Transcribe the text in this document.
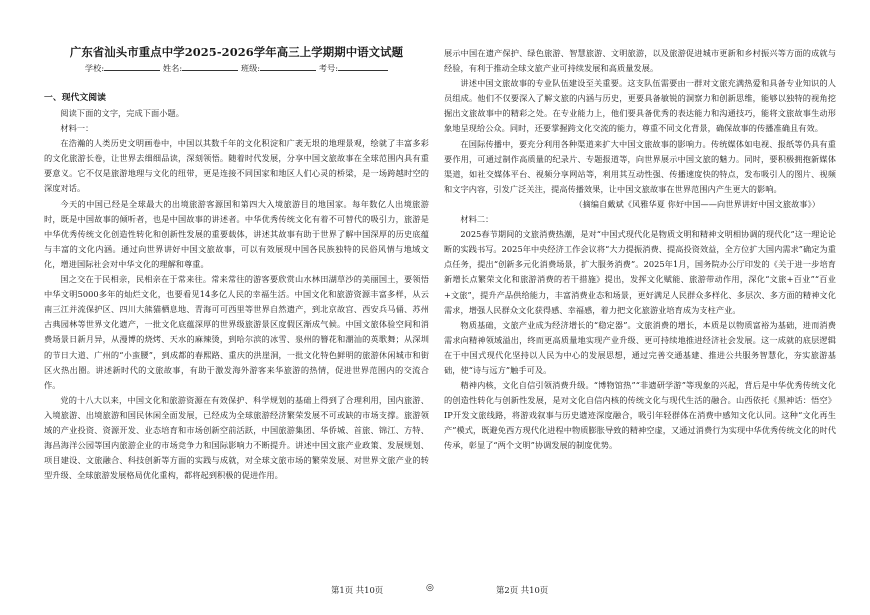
广东省汕头市重点中学2025-2026学年高三上学期期中语文试题
学校:	姓名:	班级:	考号:
一、现代文阅读

阅读下面的文字，完成下面小题。

材料一：

在浩瀚的人类历史文明画卷中，中国以其数千年的文化积淀和广袤无垠的地理景观，绘就了丰富多彩的文化旅游长卷，让世界去细细品读，深刻领悟。随着时代发展，分享中国文旅故事在全球范围内具有重要意义。它不仅是旅游地理与文化的纽带，更是连接不同国家和地区人们心灵的桥梁，是一场跨越时空的深度对话。

今天的中国已经是全球最大的出境旅游客源国和第四大入境旅游目的地国家。每年数亿人出境旅游时，既是中国故事的倾听者，也是中国故事的讲述者。中华优秀传统文化有着不可替代的吸引力，旅游是中华优秀传统文化创造性转化和创新性发展的重要载体，讲述其故事有助于世界了解中国深厚的历史底蕴与丰富的文化内涵。通过向世界讲好中国文旅故事，可以有效展现中国各民族独特的民俗风情与地域文化，增进国际社会对中华文化的理解和尊重。

国之交在于民相亲，民相亲在于常来往。常来常往的游客要欣赏山水林田湖草沙的美丽国土，要领悟中华文明5000多年的灿烂文化，也要看见14多亿人民的幸福生活。中国文化和旅游资源丰富多样，从云南三江并流保护区、四川大熊猫栖息地、青海可可西里等世界自然遗产，到北京故宫、西安兵马俑、苏州古典园林等世界文化遗产，一批文化底蕴深厚的世界级旅游景区度假区渐成气候。中国文旅体验空间和消费场景日新月异，从漫博的烧烤、天水的麻辣烫，到哈尔滨的冰雪、泉州的簪花和潮汕的英歌舞；从深圳的节日大道、广州的“小蛮腰”，到成都的春熙路、重庆的洪崖洞，一批文化特色鲜明的旅游休闲城市和街区火热出圈。讲述新时代的文旅故事，有助于激发海外游客来华旅游的热情，促进世界范围内的交流合作。

党的十八大以来，中国文化和旅游资源在有效保护、科学规划的基础上得到了合理利用，国内旅游、入境旅游、出境旅游和国民休闲全面发展，已经成为全球旅游经济繁荣发展不可或缺的市场支撑。旅游领域的产业投资、资源开发、业态培育和市场创新空前活跃，中国旅游集团、华侨城、首旅、锦江、方特、海昌海洋公园等国内旅游企业的市场竞争力和国际影响力不断提升。讲述中国文旅产业政策、发展规划、项目建设、文旅融合、科技创新等方面的实践与成就，对全球文旅市场的繁荣发展、对世界文旅产业的转型升级、全球旅游发展格局优化重构，都将起到积极的促进作用。

展示中国在遗产保护、绿色旅游、智慧旅游、文明旅游，以及旅游促进城市更新和乡村振兴等方面的成就与经验，有利于推动全球文旅产业可持续发展和高质量发展。

讲述中国文旅故事的专业队伍建设至关重要。这支队伍需要由一群对文旅充满热爱和具备专业知识的人员组成。他们不仅要深入了解文旅的内涵与历史，更要具备敏锐的洞察力和创新思维，能够以独特的视角挖掘出文旅故事中的精彩之处。在专业能力上，他们要具备优秀的表达能力和沟通技巧，能将文旅故事生动形象地呈现给公众。同时，还要掌握跨文化交流的能力，尊重不同文化背景，确保故事的传播准确且有效。

在国际传播中，要充分利用各种渠道来扩大中国文旅故事的影响力。传统媒体如电视、报纸等仍具有重要作用，可通过制作高质量的纪录片、专题报道等，向世界展示中国文旅的魅力。同时，要积极拥抱新媒体渠道，如社交媒体平台、视频分享网站等，利用其互动性强、传播速度快的特点，发布吸引人的图片、视频和文字内容，引发广泛关注，提高传播效果，让中国文旅故事在世界范围内产生更大的影响。

（摘编自戴斌《风雅华夏 你好中国——向世界讲好中国文旅故事》）

材料二：

2025春节期间的文旅消费热潮，是对“中国式现代化是物质文明和精神文明相协调的现代化”这一理论论断的实践书写。2025年中央经济工作会议将“大力提振消费、提高投资效益，全方位扩大国内需求”确定为重点任务，提出“创新多元化消费场景，扩大服务消费”。2025年1月，国务院办公厅印发的《关于进一步培育新增长点繁荣文化和旅游消费的若干措施》提出，发挥文化赋能、旅游带动作用，深化“文旅+百业”“百业+文旅”，提升产品供给能力，丰富消费业态和场景，更好满足人民群众多样化、多层次、多方面的精神文化需求，增强人民群众文化获得感、幸福感，着力把文化旅游业培育成为支柱产业。

物质基础，文旅产业成为经济增长的“稳定器”。文旅消费的增长，本质是以物质富裕为基础，进而消费需求向精神领域溢出，终而更高质量地实现产业升级、更可持续地推进经济社会发展。这一成就的底层逻辑在于中国式现代化坚持以人民为中心的发展思想，通过完善交通基建、推进公共服务智慧化，夯实旅游基础，使“诗与远方”触手可及。

精神内核，文化自信引领消费升级。“博物馆热”“非遗研学游”等现象的兴起，背后是中华优秀传统文化的创造性转化与创新性发展，是对文化自信内核的传统文化与现代生活的融合。山西依托《黑神话：悟空》IP开发文旅线路，将游戏叙事与历史遗迹深度融合，吸引年轻群体在消费中感知文化认同。这种“文化再生产”模式，既避免西方现代化进程中物质膨胀导致的精神空虚，又通过消费行为实现中华优秀传统文化的时代传承，彰显了“两个文明”协调发展的制度优势。

第1页 共10页	◎	第2页 共10页
